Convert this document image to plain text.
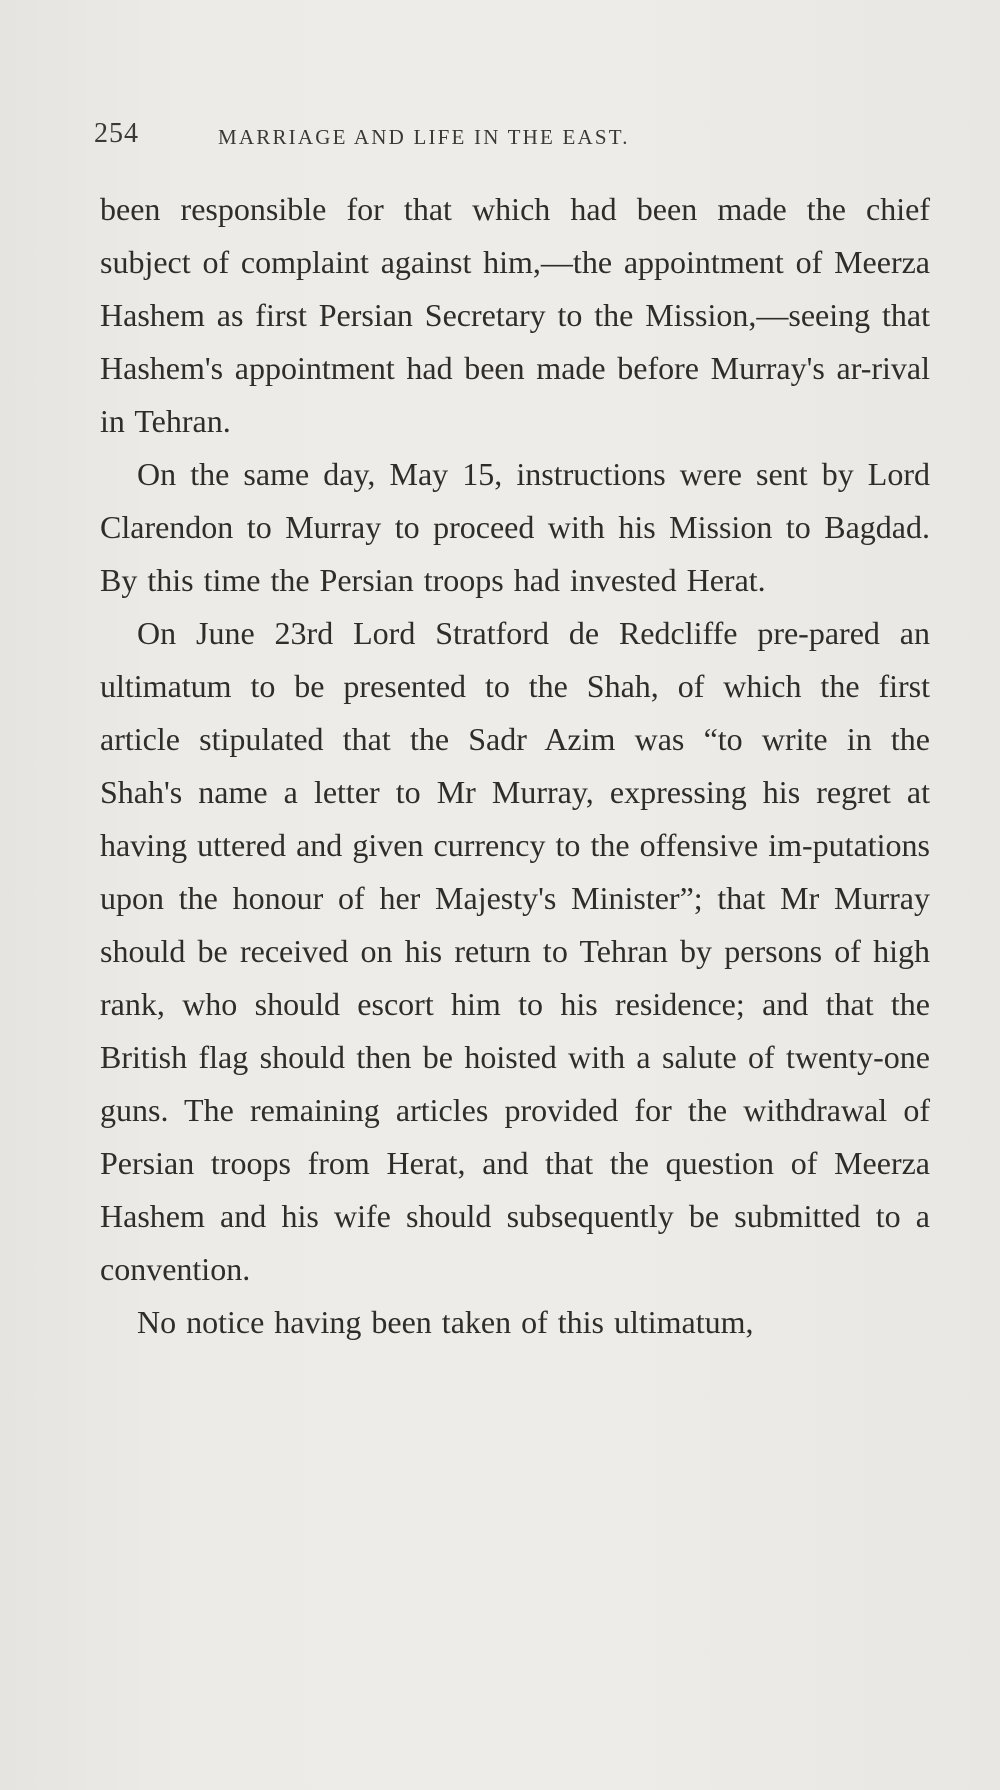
254	MARRIAGE AND LIFE IN THE EAST.

been responsible for that which had been made the chief subject of complaint against him,—the appointment of Meerza Hashem as first Persian Secretary to the Mission,—seeing that Hashem's appointment had been made before Murray's ar-rival in Tehran.

On the same day, May 15, instructions were sent by Lord Clarendon to Murray to proceed with his Mission to Bagdad. By this time the Persian troops had invested Herat.

On June 23rd Lord Stratford de Redcliffe pre-pared an ultimatum to be presented to the Shah, of which the first article stipulated that the Sadr Azim was “to write in the Shah's name a letter to Mr Murray, expressing his regret at having uttered and given currency to the offensive im-putations upon the honour of her Majesty's Minister”; that Mr Murray should be received on his return to Tehran by persons of high rank, who should escort him to his residence; and that the British flag should then be hoisted with a salute of twenty-one guns. The remaining articles provided for the withdrawal of Persian troops from Herat, and that the question of Meerza Hashem and his wife should subsequently be submitted to a convention.

No notice having been taken of this ultimatum,
